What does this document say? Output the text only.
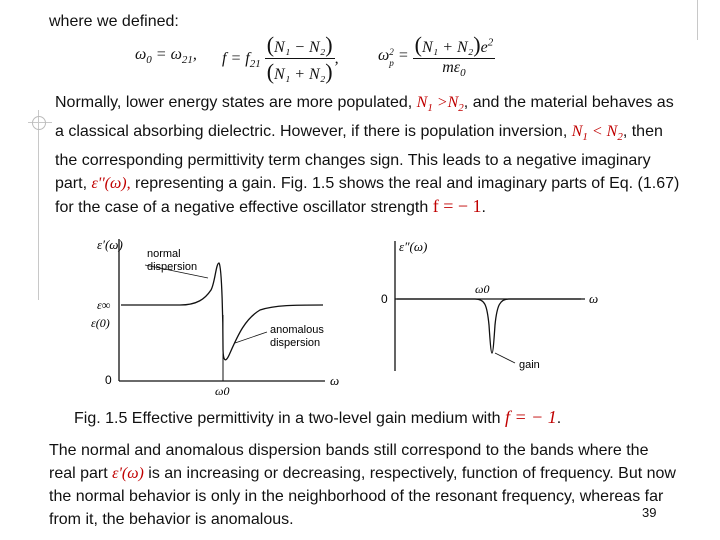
where we defined:
$\omega_0 = \omega_{21}$, $f = f_{21} \frac{\text{(N₁ − N₂)}}{\text{(N₁ + N₂)}}$ , ω 2
$p = \frac{(N_1 + N_2)e^2}{m\varepsilon_0}$
Normally, lower energy states are more populated, $N_1 >N_2$, and the material behaves as a classical absorbing dielectric. However, if there is population inversion, $N_1 < N_2$, then the corresponding permittivity term changes sign. This leads to a negative imaginary part, ε''(ω), representing a gain. Fig. 1.5 shows the real and imaginary parts of Eq. (1.67) for the case of a negative effective oscillator strength f = − 1.
ε′(ω)
normal
dispersion
anomalous
dispersion
ε∞
ε(0)
0
ω0
ω
ε″(ω)
0
ω0
ω
gain
Fig. 1.5 Effective permittivity in a two-level gain medium with f = − 1.
The normal and anomalous dispersion bands still correspond to the bands where the real part ε'(ω) is an increasing or decreasing, respectively, function of frequency. But now the normal behavior is only in the neighborhood of the resonant frequency, whereas far from it, the behavior is anomalous.	39
